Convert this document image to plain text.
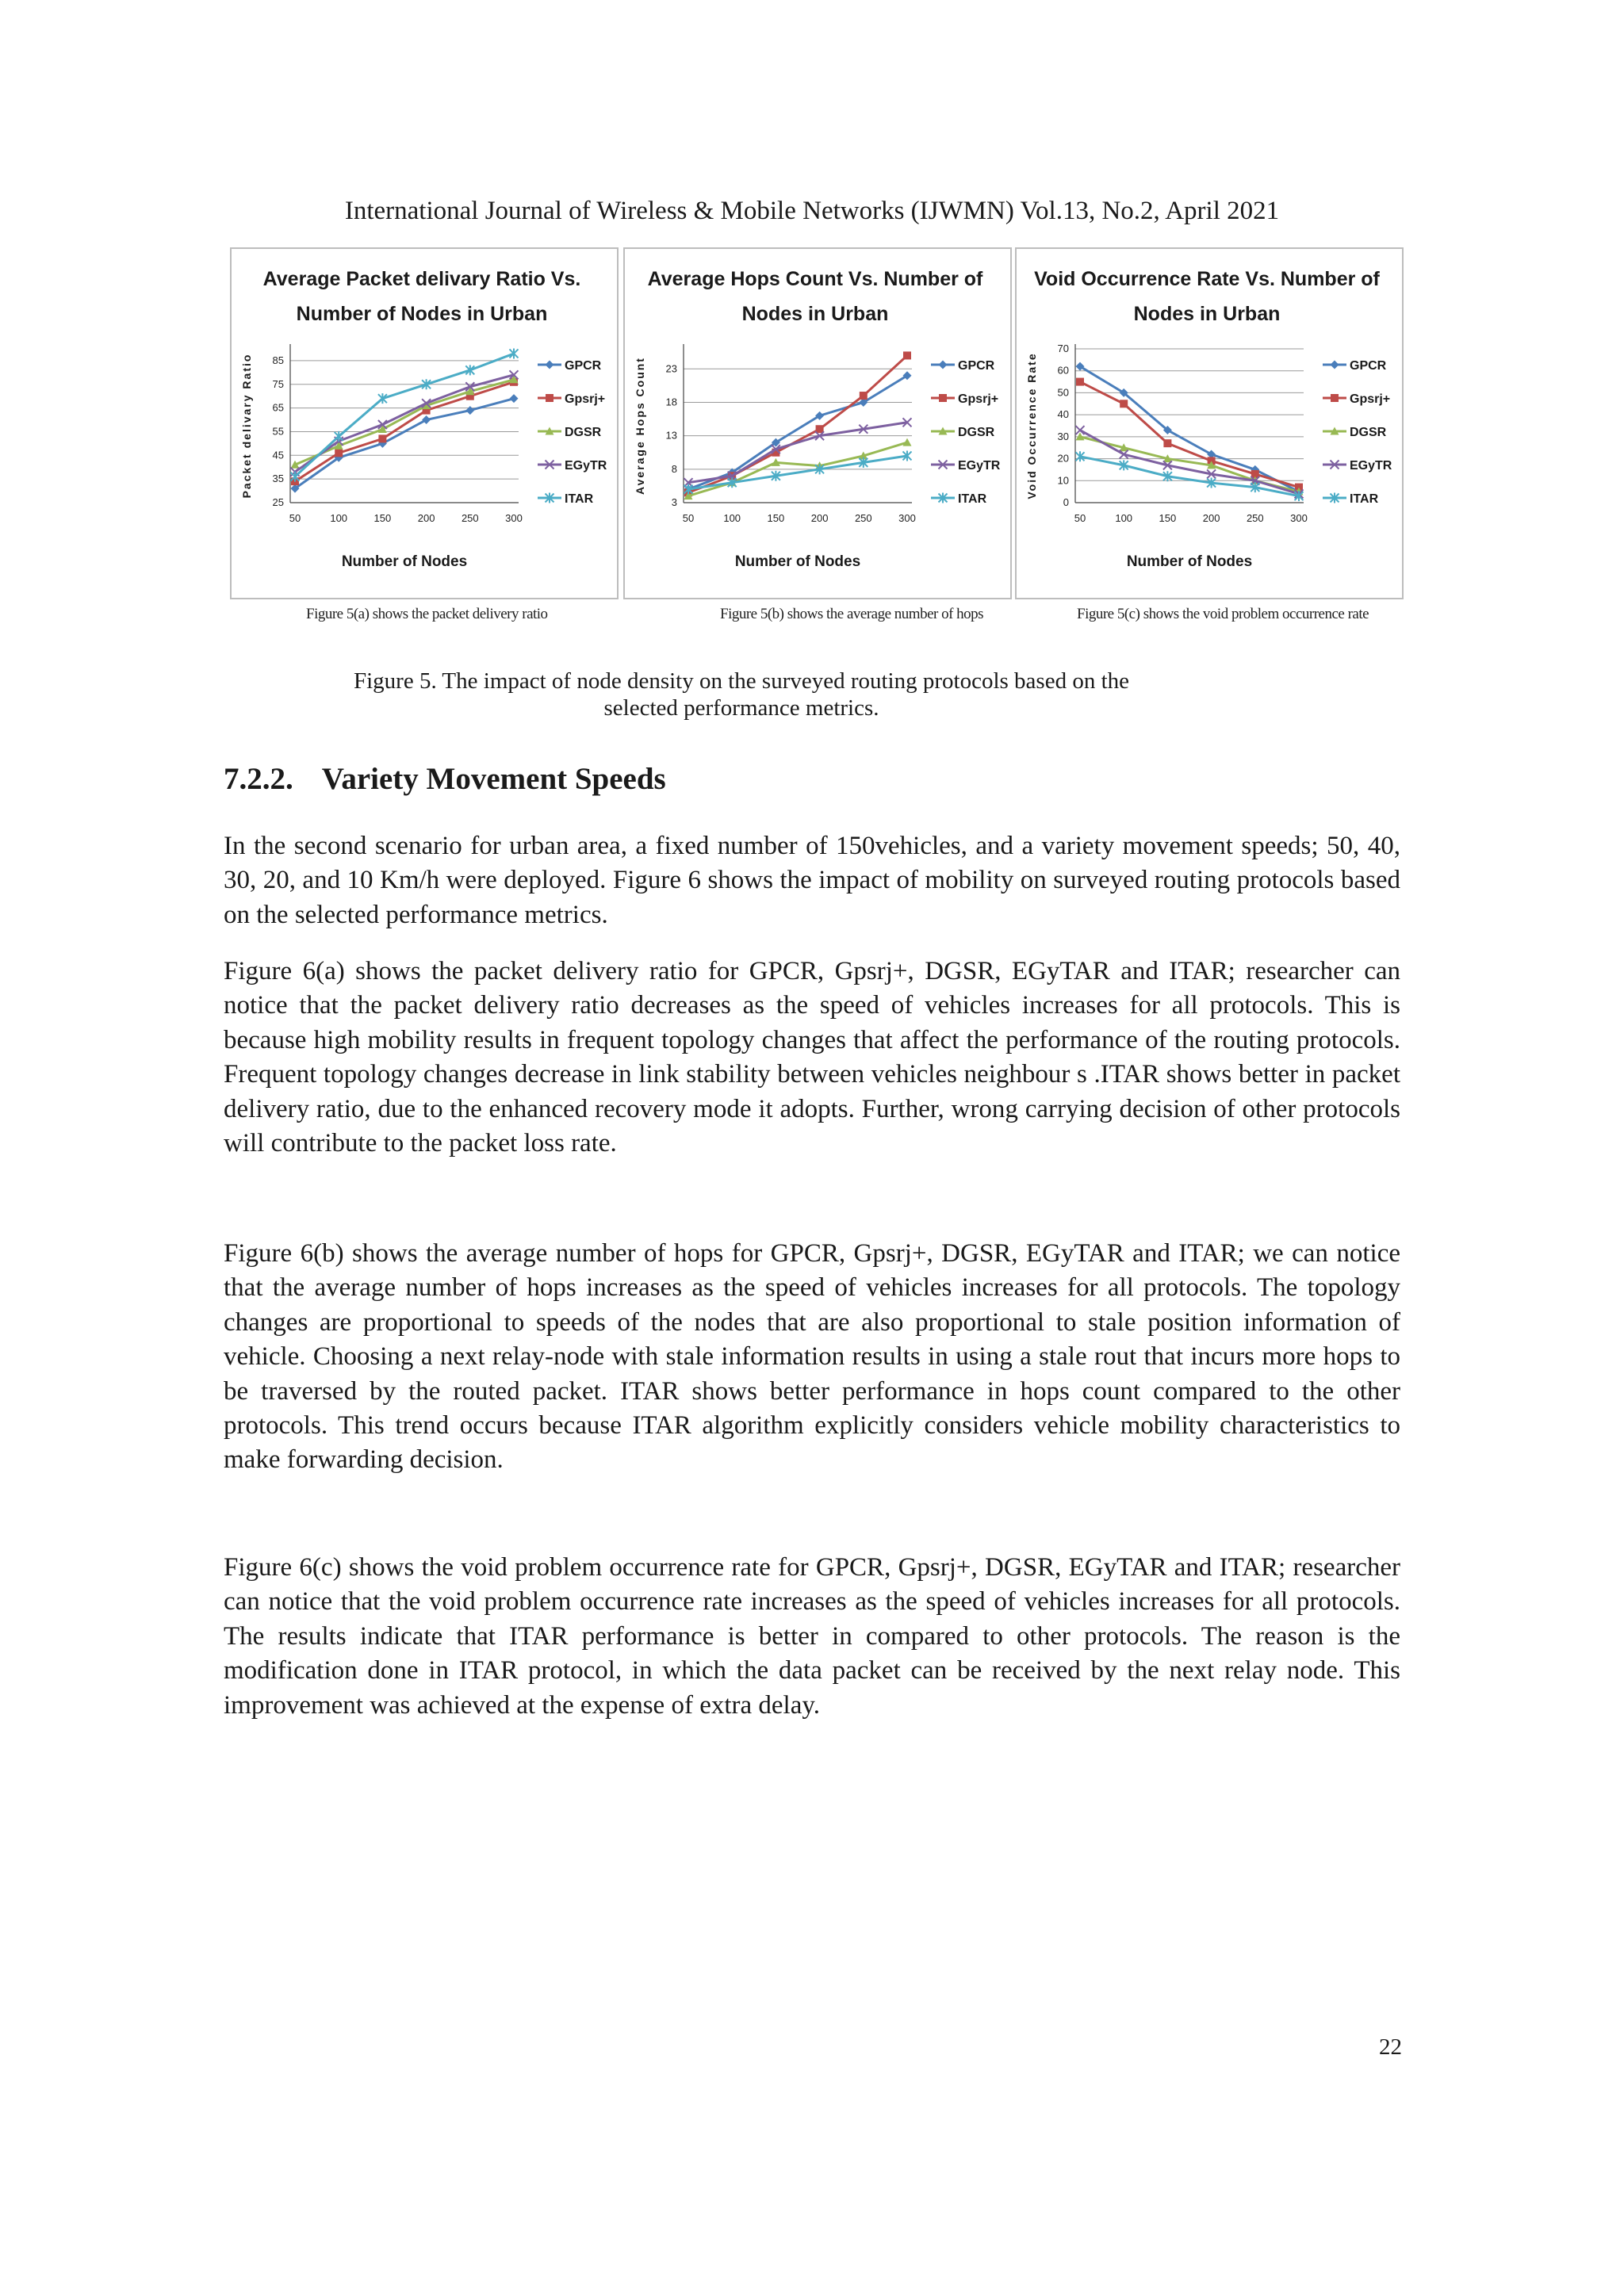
International Journal of Wireless & Mobile Networks (IJWMN) Vol.13, No.2, April 2021
Average Packet delivary Ratio Vs.
Number of Nodes in Urban
25
35
45
55
65
75
85
50	100	150	200	250	300
Number of Nodes
Packet delivary Ratio	GPCR
Gpsrj+
DGSR
EGyTR
ITAR
Average Hops Count Vs. Number of
Nodes in Urban
3
8
13
18
23
50	100	150	200	250	300
Number of Nodes
Average Hops Count	GPCR
Gpsrj+
DGSR
EGyTR
ITAR
Void Occurrence Rate Vs. Number of
Nodes in Urban
0
10
20
30
40
50
60
70
50	100	150	200	250	300
Number of Nodes
Void Occurrence Rate	GPCR
Gpsrj+
DGSR
EGyTR
ITAR
Figure 5(a) shows the packet delivery ratio	Figure 5(b) shows the average number of hops	Figure 5(c) shows the void problem occurrence rate
Figure 5. The impact of node density on the surveyed routing protocols based on the
selected performance metrics.
7.2.2. Variety Movement Speeds

In the second scenario for urban area, a fixed number of 150vehicles, and a variety movement speeds; 50, 40, 30, 20, and 10 Km/h were deployed. Figure 6 shows the impact of mobility on surveyed routing protocols based on the selected performance metrics.

Figure 6(a) shows the packet delivery ratio for GPCR, Gpsrj+, DGSR, EGyTAR and ITAR; researcher can notice that the packet delivery ratio decreases as the speed of vehicles increases for all protocols. This is because high mobility results in frequent topology changes that affect the performance of the routing protocols. Frequent topology changes decrease in link stability between vehicles neighbour s .ITAR shows better in packet delivery ratio, due to the enhanced recovery mode it adopts. Further, wrong carrying decision of other protocols will contribute to the packet loss rate.

Figure 6(b) shows the average number of hops for GPCR, Gpsrj+, DGSR, EGyTAR and ITAR; we can notice that the average number of hops increases as the speed of vehicles increases for all protocols. The topology changes are proportional to speeds of the nodes that are also proportional to stale position information of vehicle. Choosing a next relay-node with stale information results in using a stale rout that incurs more hops to be traversed by the routed packet. ITAR shows better performance in hops count compared to the other protocols. This trend occurs because ITAR algorithm explicitly considers vehicle mobility characteristics to make forwarding decision.

Figure 6(c) shows the void problem occurrence rate for GPCR, Gpsrj+, DGSR, EGyTAR and ITAR; researcher can notice that the void problem occurrence rate increases as the speed of vehicles increases for all protocols. The results indicate that ITAR performance is better in compared to other protocols. The reason is the modification done in ITAR protocol, in which the data packet can be received by the next relay node. This improvement was achieved at the expense of extra delay.

22
